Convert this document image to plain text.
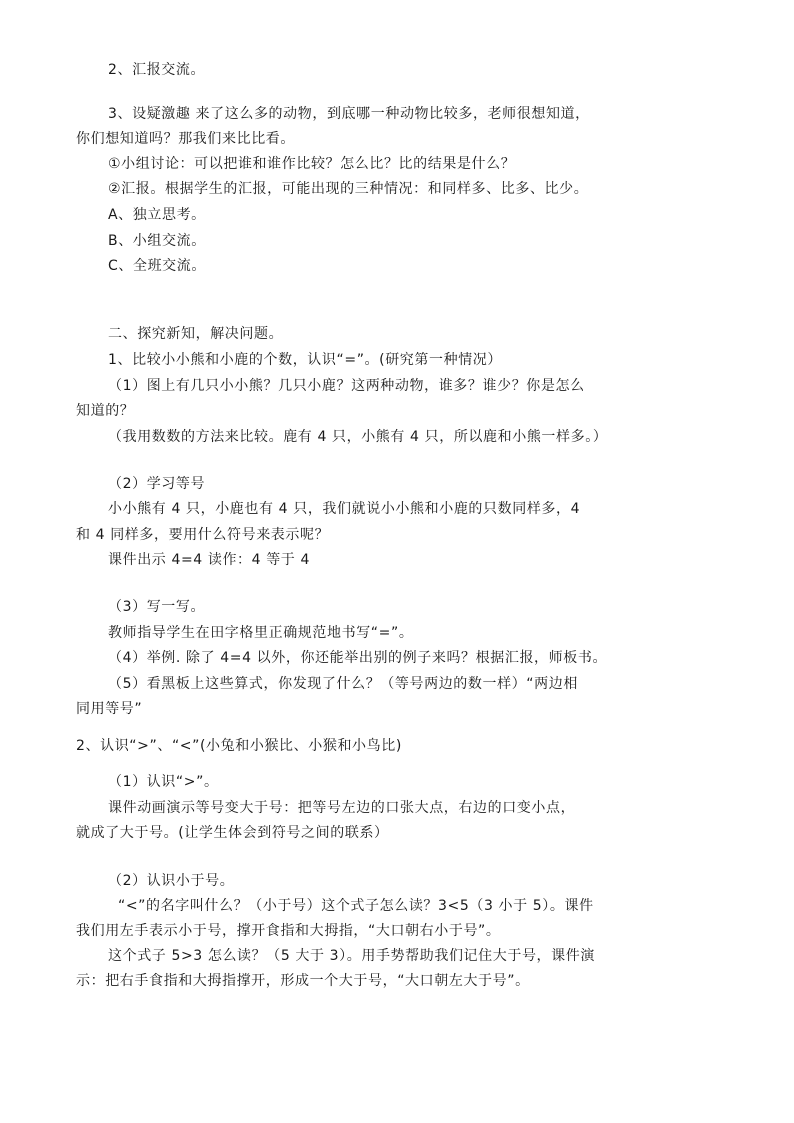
2、汇报交流。
3、设疑激趣 来了这么多的动物，到底哪一种动物比较多，老师很想知道，
你们想知道吗？那我们来比比看。
①小组讨论：可以把谁和谁作比较？怎么比？比的结果是什么？
②汇报。根据学生的汇报，可能出现的三种情况：和同样多、比多、比少。
A、独立思考。
B、小组交流。
C、全班交流。
二、探究新知，解决问题。
1、比较小小熊和小鹿的个数，认识“=”。(研究第一种情况）
（1）图上有几只小小熊？几只小鹿？这两种动物，谁多？谁少？你是怎么
知道的？
（我用数数的方法来比较。鹿有 4 只，小熊有 4 只，所以鹿和小熊一样多。）
（2）学习等号
小小熊有 4 只，小鹿也有 4 只，我们就说小小熊和小鹿的只数同样多，4
和 4 同样多，要用什么符号来表示呢？
课件出示 4=4 读作：4 等于 4
（3）写一写。
教师指导学生在田字格里正确规范地书写“=”。
（4）举例. 除了 4=4 以外，你还能举出别的例子来吗？根据汇报，师板书。
（5）看黑板上这些算式，你发现了什么？（等号两边的数一样）“两边相
同用等号”
2、认识“>”、“<”(小兔和小猴比、小猴和小鸟比)
（1）认识“>”。
课件动画演示等号变大于号：把等号左边的口张大点，右边的口变小点，
就成了大于号。(让学生体会到符号之间的联系）
（2）认识小于号。
“<”的名字叫什么？（小于号）这个式子怎么读？3<5（3 小于 5）。课件
我们用左手表示小于号，撑开食指和大拇指，“大口朝右小于号”。
这个式子 5>3 怎么读？（5 大于 3）。用手势帮助我们记住大于号，课件演
示：把右手食指和大拇指撑开，形成一个大于号，“大口朝左大于号”。
